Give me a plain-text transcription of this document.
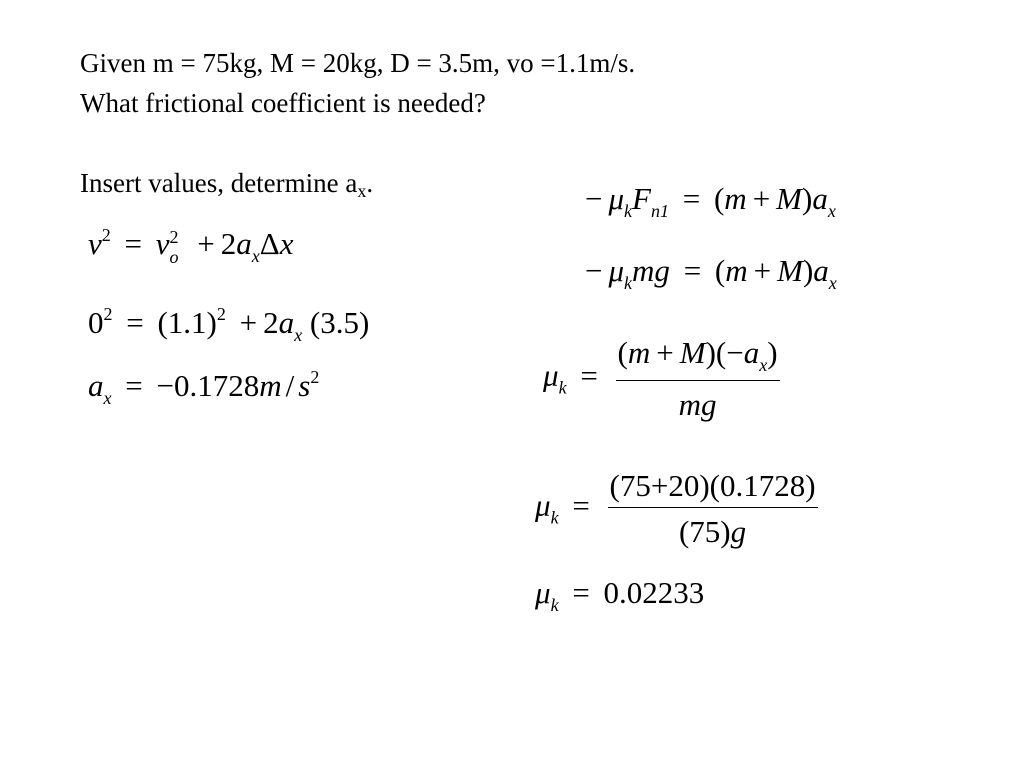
Given m = 75kg, M = 20kg, D = 3.5m, vo =1.1m/s.
What frictional coefficient is needed?
Insert values, determine ax.
$v^2 = v$ 2
$o + 2a_x\Delta x$
$0^2 = (1.1)^2 + 2a_x$ (3.5)
$a_x = -0.1728m / s^2$
− $\mu_kF_{n1} = (m + M)a_x$
− $\mu_kmg = (m + M)a_x$
$\mu_k = \frac{(m + M)(-a_x)}{mg}$
$\mu_k = \frac{(75+20)(0.1728)}{(75)g}$
$\mu_k = 0.02233$
